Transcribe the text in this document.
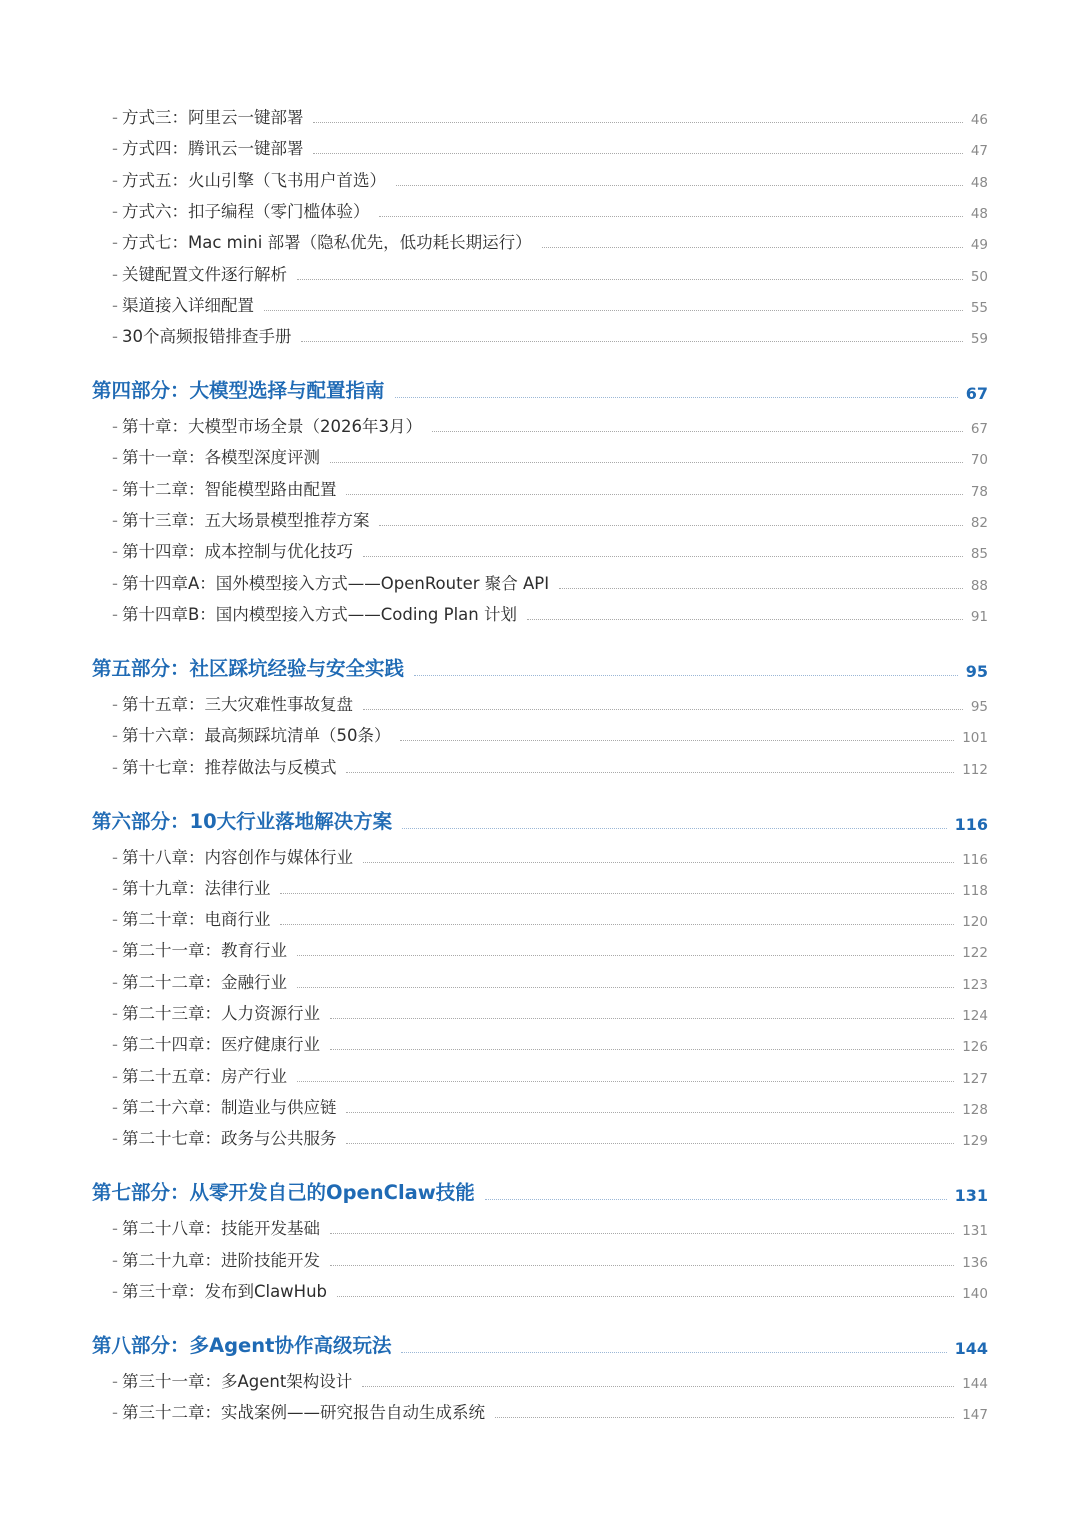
- 方式三：阿里云一键部署	46
- 方式四：腾讯云一键部署	47
- 方式五：火山引擎（飞书用户首选）	48
- 方式六：扣子编程（零门槛体验）	48
- 方式七：Mac mini 部署（隐私优先，低功耗长期运行）	49
- 关键配置文件逐行解析	50
- 渠道接入详细配置	55
- 30个高频报错排查手册	59
第四部分：大模型选择与配置指南	67
- 第十章：大模型市场全景（2026年3月）	67
- 第十一章：各模型深度评测	70
- 第十二章：智能模型路由配置	78
- 第十三章：五大场景模型推荐方案	82
- 第十四章：成本控制与优化技巧	85
- 第十四章A：国外模型接入方式——OpenRouter 聚合 API	88
- 第十四章B：国内模型接入方式——Coding Plan 计划	91
第五部分：社区踩坑经验与安全实践	95
- 第十五章：三大灾难性事故复盘	95
- 第十六章：最高频踩坑清单（50条）	101
- 第十七章：推荐做法与反模式	112
第六部分：10大行业落地解决方案	116
- 第十八章：内容创作与媒体行业	116
- 第十九章：法律行业	118
- 第二十章：电商行业	120
- 第二十一章：教育行业	122
- 第二十二章：金融行业	123
- 第二十三章：人力资源行业	124
- 第二十四章：医疗健康行业	126
- 第二十五章：房产行业	127
- 第二十六章：制造业与供应链	128
- 第二十七章：政务与公共服务	129
第七部分：从零开发自己的OpenClaw技能	131
- 第二十八章：技能开发基础	131
- 第二十九章：进阶技能开发	136
- 第三十章：发布到ClawHub	140
第八部分：多Agent协作高级玩法	144
- 第三十一章：多Agent架构设计	144
- 第三十二章：实战案例——研究报告自动生成系统	147
